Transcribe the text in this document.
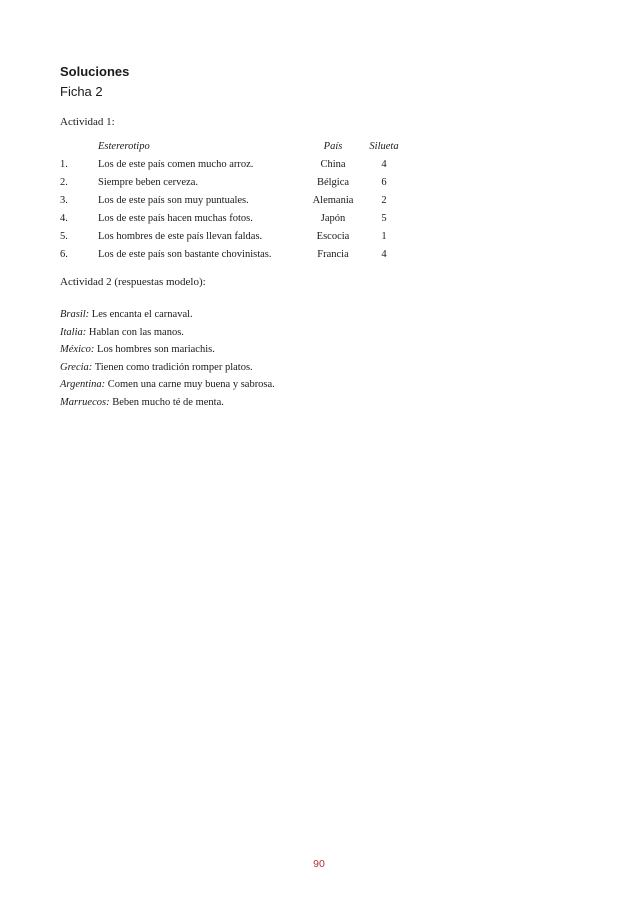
Soluciones
Ficha 2
Actividad 1:
Estererotipo	País	Silueta
1.	Los de este país comen mucho arroz.	China	4
2.	Siempre beben cerveza.	Bélgica	6
3.	Los de este país son muy puntuales.	Alemania	2
4.	Los de este país hacen muchas fotos.	Japón	5
5.	Los hombres de este país llevan faldas.	Escocia	1
6.	Los de este país son bastante chovinistas.	Francia	4
Actividad 2 (respuestas modelo):
Brasil: Les encanta el carnaval.
Italia: Hablan con las manos.
México: Los hombres son mariachis.
Grecia: Tienen como tradición romper platos.
Argentina: Comen una carne muy buena y sabrosa.
Marruecos: Beben mucho té de menta.
90
